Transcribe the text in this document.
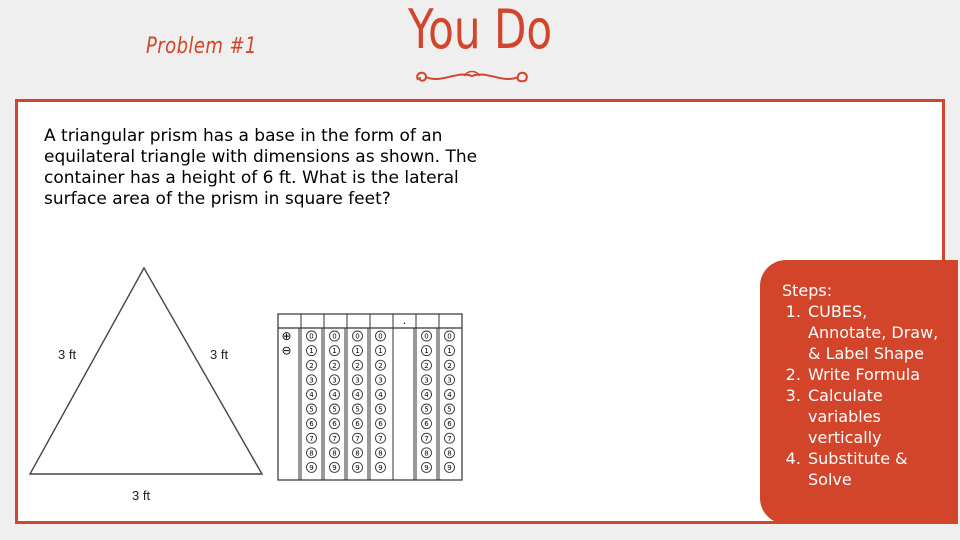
Problem #1	You Do
A triangular prism has a base in the form of an equilateral triangle with dimensions as shown. The container has a height of 6 ft. What is the lateral surface area of the prism in square feet?
3 ft	3 ft
3 ft
.
⊕
⊖
0
1
2
3
4
5
6
7
8
9
0
1
2
3
4
5
6
7
8
9
0
1
2
3
4
5
6
7
8
9
0
1
2
3
4
5
6
7
8
9
0
1
2
3
4
5
6
7
8
9
0
1
2
3
4
5
6
7
8
9
Steps:
1. CUBES, Annotate, Draw, & Label Shape
2. Write Formula
3. Calculate variables vertically
4. Substitute & Solve
